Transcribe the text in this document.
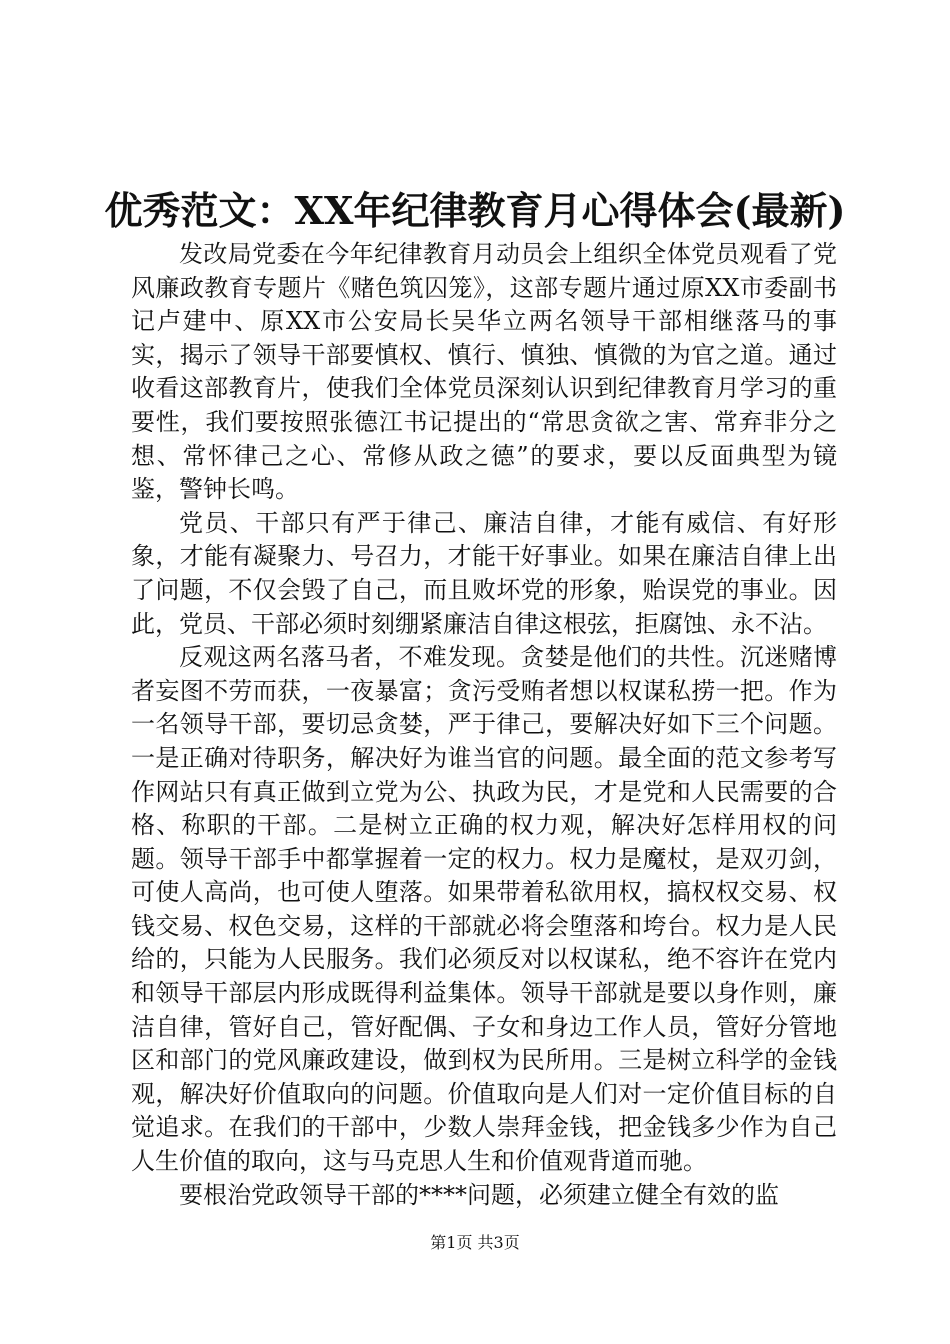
优秀范文：XX年纪律教育月心得体会(最新)

发改局党委在今年纪律教育月动员会上组织全体党员观看了党风廉政教育专题片《赌色筑囚笼》，这部专题片通过原XX市委副书记卢建中、原XX市公安局长吴华立两名领导干部相继落马的事实，揭示了领导干部要慎权、慎行、慎独、慎微的为官之道。通过收看这部教育片，使我们全体党员深刻认识到纪律教育月学习的重要性，我们要按照张德江书记提出的“常思贪欲之害、常弃非分之想、常怀律己之心、常修从政之德”的要求，要以反面典型为镜鉴，警钟长鸣。

党员、干部只有严于律己、廉洁自律，才能有威信、有好形象，才能有凝聚力、号召力，才能干好事业。如果在廉洁自律上出了问题，不仅会毁了自己，而且败坏党的形象，贻误党的事业。因此，党员、干部必须时刻绷紧廉洁自律这根弦，拒腐蚀、永不沾。

反观这两名落马者，不难发现。贪婪是他们的共性。沉迷赌博者妄图不劳而获，一夜暴富；贪污受贿者想以权谋私捞一把。作为一名领导干部，要切忌贪婪，严于律己，要解决好如下三个问题。一是正确对待职务，解决好为谁当官的问题。最全面的范文参考写作网站只有真正做到立党为公、执政为民，才是党和人民需要的合格、称职的干部。二是树立正确的权力观，解决好怎样用权的问题。领导干部手中都掌握着一定的权力。权力是魔杖，是双刃剑，可使人高尚，也可使人堕落。如果带着私欲用权，搞权权交易、权钱交易、权色交易，这样的干部就必将会堕落和垮台。权力是人民给的，只能为人民服务。我们必须反对以权谋私，绝不容许在党内和领导干部层内形成既得利益集体。领导干部就是要以身作则，廉洁自律，管好自己，管好配偶、子女和身边工作人员，管好分管地区和部门的党风廉政建设，做到权为民所用。三是树立科学的金钱观，解决好价值取向的问题。价值取向是人们对一定价值目标的自觉追求。在我们的干部中，少数人崇拜金钱，把金钱多少作为自己人生价值的取向，这与马克思人生和价值观背道而驰。

要根治党政领导干部的****问题，必须建立健全有效的监

第1页 共3页
